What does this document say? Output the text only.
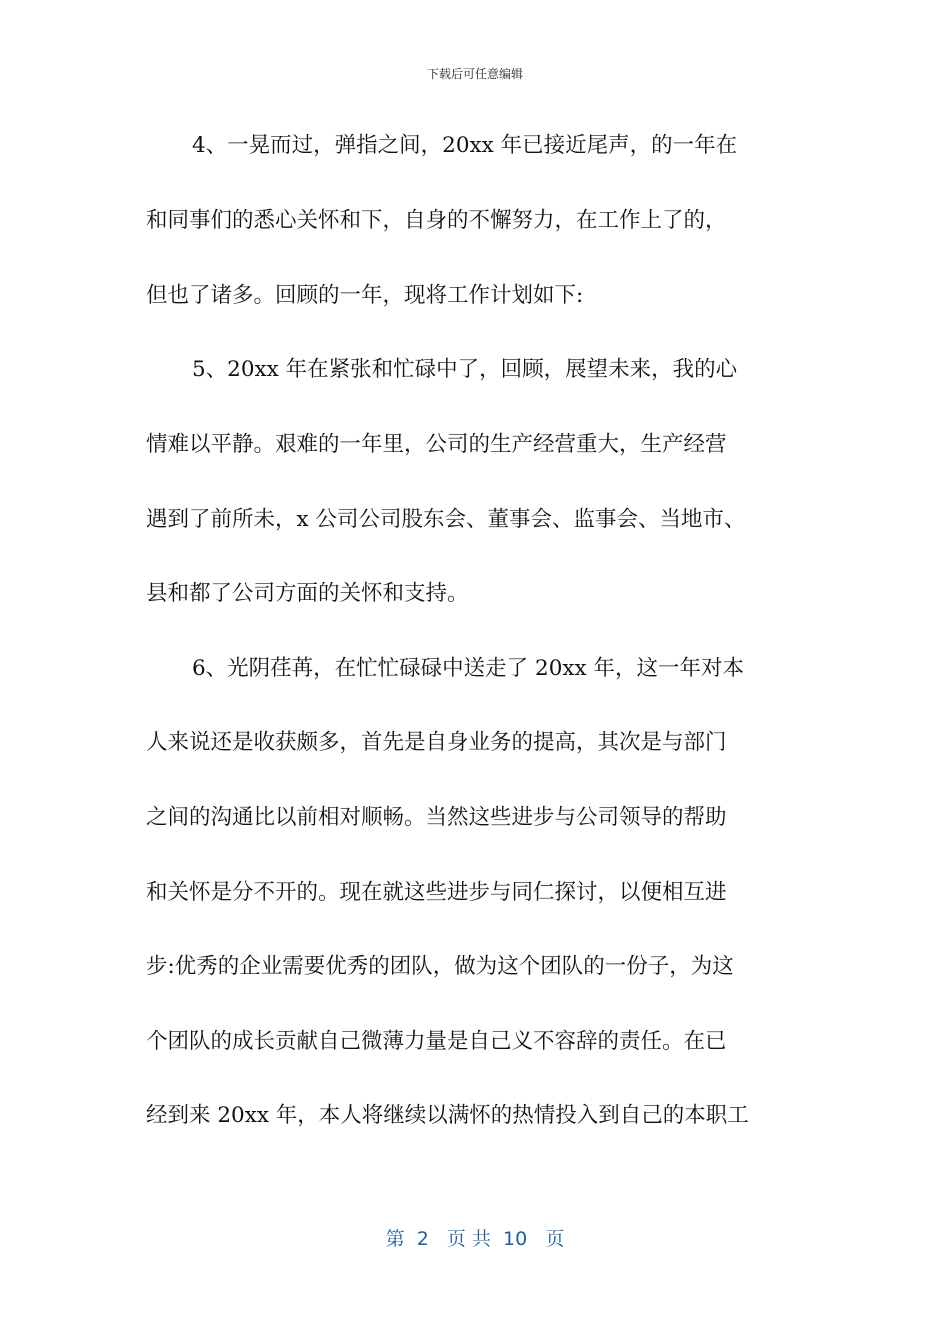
下载后可任意编辑
4、一晃而过，弹指之间，20xx 年已接近尾声，的一年在
和同事们的悉心关怀和下，自身的不懈努力，在工作上了的，
但也了诸多。回顾的一年，现将工作计划如下:
5、20xx 年在紧张和忙碌中了，回顾，展望未来，我的心
情难以平静。艰难的一年里，公司的生产经营重大，生产经营
遇到了前所未，x 公司公司股东会、董事会、监事会、当地市、
县和都了公司方面的关怀和支持。
6、光阴荏苒，在忙忙碌碌中送走了 20xx 年，这一年对本
人来说还是收获颇多，首先是自身业务的提高，其次是与部门
之间的沟通比以前相对顺畅。当然这些进步与公司领导的帮助
和关怀是分不开的。现在就这些进步与同仁探讨，以便相互进
步:优秀的企业需要优秀的团队，做为这个团队的一份子，为这
个团队的成长贡献自己微薄力量是自己义不容辞的责任。在已
经到来 20xx 年，本人将继续以满怀的热情投入到自己的本职工
第  2   页 共  10   页
